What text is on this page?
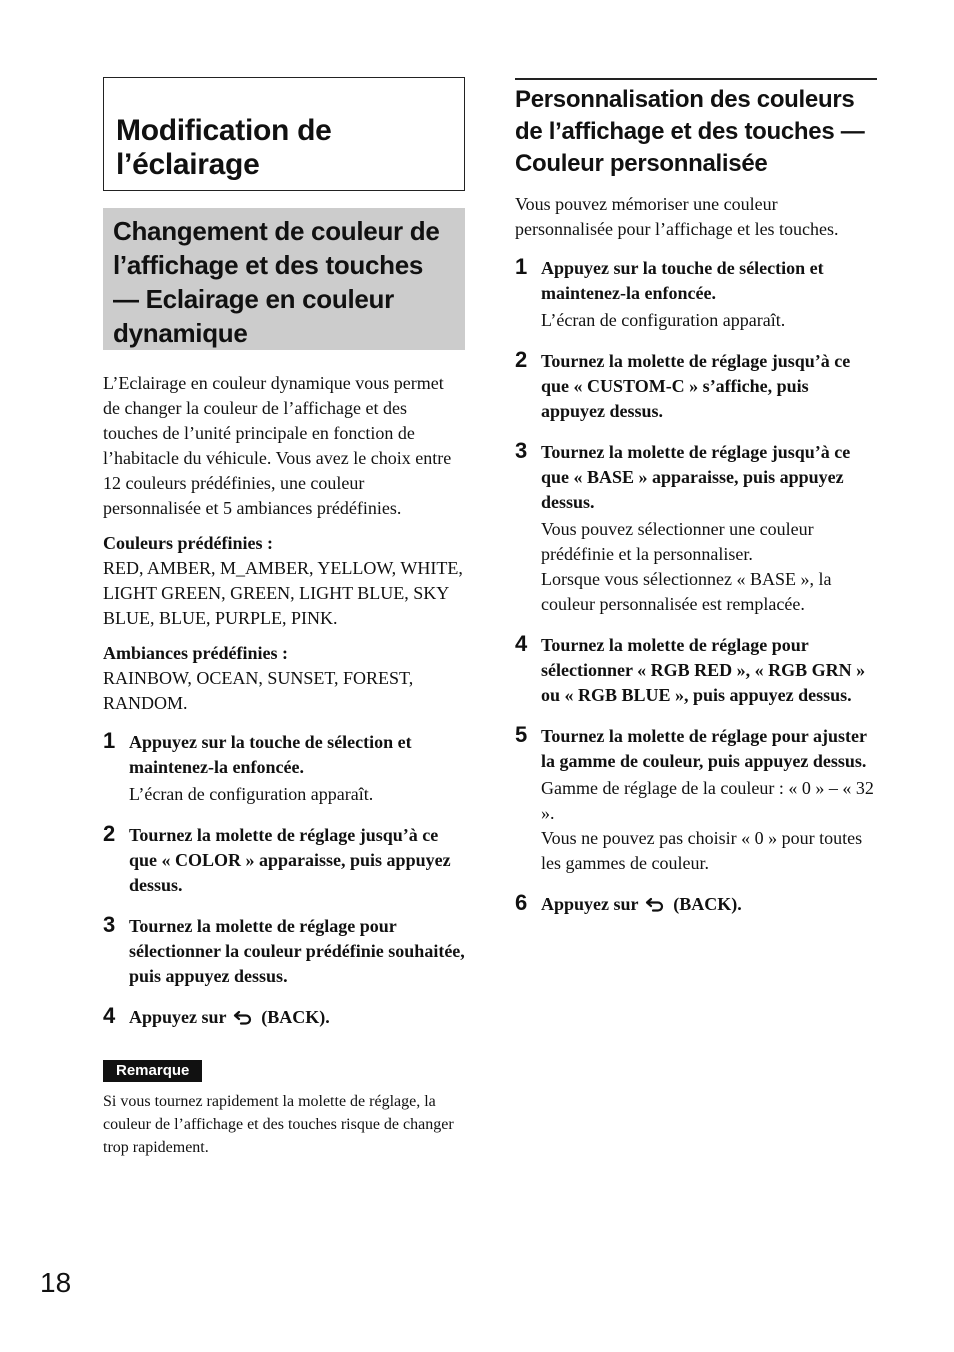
Modification de l’éclairage
Changement de couleur de l’affichage et des touches — Eclairage en couleur dynamique

L’Eclairage en couleur dynamique vous permet de changer la couleur de l’affichage et des touches de l’unité principale en fonction de l’habitacle du véhicule. Vous avez le choix entre 12 couleurs prédéfinies, une couleur personnalisée et 5 ambiances prédéfinies.

Couleurs prédéfinies :

RED, AMBER, M_AMBER, YELLOW, WHITE, LIGHT GREEN, GREEN, LIGHT BLUE, SKY BLUE, BLUE, PURPLE, PINK.

Ambiances prédéfinies :

RAINBOW, OCEAN, SUNSET, FOREST, RANDOM.

1 Appuyez sur la touche de sélection et maintenez-la enfoncée.
L’écran de configuration apparaît.
2 Tournez la molette de réglage jusqu’à ce que « COLOR » apparaisse, puis appuyez dessus.
3 Tournez la molette de réglage pour sélectionner la couleur prédéfinie souhaitée, puis appuyez dessus.
4 Appuyez sur (BACK).
Remarque

Si vous tournez rapidement la molette de réglage, la couleur de l’affichage et des touches risque de changer trop rapidement.

Personnalisation des couleurs de l’affichage et des touches — Couleur personnalisée

Vous pouvez mémoriser une couleur personnalisée pour l’affichage et les touches.

1 Appuyez sur la touche de sélection et maintenez-la enfoncée.
L’écran de configuration apparaît.
2 Tournez la molette de réglage jusqu’à ce que « CUSTOM-C » s’affiche, puis appuyez dessus.
3 Tournez la molette de réglage jusqu’à ce que « BASE » apparaisse, puis appuyez dessus.
Vous pouvez sélectionner une couleur prédéfinie et la personnaliser.
Lorsque vous sélectionnez « BASE », la couleur personnalisée est remplacée.
4 Tournez la molette de réglage pour sélectionner « RGB RED », « RGB GRN » ou « RGB BLUE », puis appuyez dessus.
5 Tournez la molette de réglage pour ajuster la gamme de couleur, puis appuyez dessus.
Gamme de réglage de la couleur : « 0 » – « 32 ».
Vous ne pouvez pas choisir « 0 » pour toutes les gammes de couleur.
6 Appuyez sur (BACK).
18
